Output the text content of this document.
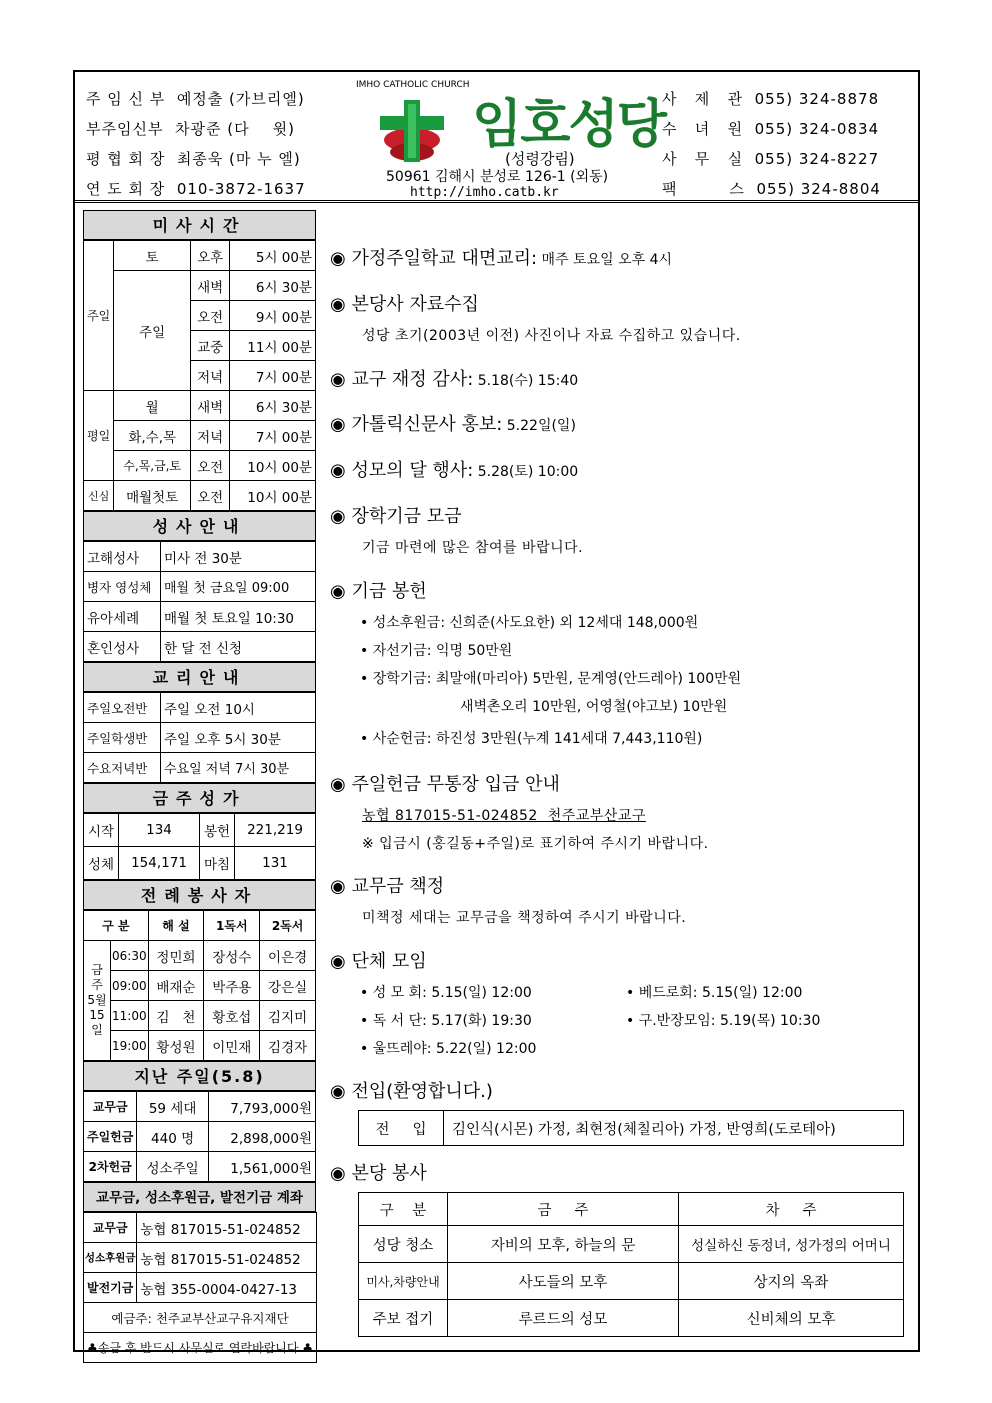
주 임 신 부 예정출 (가브리엘)
부주임신부 차광준 (다    윗)
평 협 회 장 최종욱 (마 누 엘)
연 도 회 장 010-3872-1637
IMHO CATHOLIC CHURCH
임호성당
(성령강림)
50961 김해시 분성로 126-1 (외동)
http://imho.catb.kr
사   제   관 055) 324-8878
수   녀   원 055) 324-0834
사   무   실 055) 324-8227
팩         스 055) 324-8804
미사시간
주일	토	오후	5시 00분
	주일	새벽	6시 30분
		오전	9시 00분
		교중	11시 00분
		저녁	7시 00분
평일	월	새벽	6시 30분
	화,수,목	저녁	7시 00분
	수,목,금,토	오전	10시 00분
신심	매월첫토	오전	10시 00분
성사안내
고해성사	미사 전 30분
병자 영성체	매월 첫 금요일 09:00
유아세례	매월 첫 토요일 10:30
혼인성사	한 달 전 신청
교리안내
주일오전반	주일 오전 10시
주일학생반	주일 오후 5시 30분
수요저녁반	수요일 저녁 7시 30분
금주성가
시작	134	봉헌	221,219
성체	154,171	마침	131
전례봉사자
구 분		해 설	1독서	2독서
금주 5월 15일	06:30	정민희	장성수	이은경
	09:00	배재순	박주용	강은실
	11:00	김   천	황호섭	김지미
	19:00	황성원	이민재	김경자
지난 주일(5.8)
교무금	59 세대	7,793,000원
주일헌금	440 명	2,898,000원
2차헌금	성소주일	1,561,000원
교무금, 성소후원금, 발전기금 계좌
교무금	농협 817015-51-024852
성소후원금	농협 817015-51-024852
발전기금	농협 355-0004-0427-13
예금주: 천주교부산교구유지재단	
♣송금 후 반드시 사무실로 연락바랍니다.♣	
◉ 가정주일학교 대면교리: 매주 토요일 오후 4시
◉ 본당사 자료수집
성당 초기(2003년 이전) 사진이나 자료 수집하고 있습니다.
◉ 교구 재정 감사: 5.18(수) 15:40
◉ 가톨릭신문사 홍보: 5.22일(일)
◉ 성모의 달 행사: 5.28(토) 10:00
◉ 장학기금 모금
기금 마련에 많은 참여를 바랍니다.
◉ 기금 봉헌
• 성소후원금: 신희준(사도요한) 외 12세대 148,000원
• 자선기금: 익명 50만원
• 장학기금: 최말애(마리아) 5만원, 문계영(안드레아) 100만원
새벽촌오리 10만원, 어영철(야고보) 10만원
• 사순헌금: 하진성 3만원(누계 141세대 7,443,110원)
◉ 주일헌금 무통장 입금 안내
농협 817015-51-024852  천주교부산교구
※ 입금시 (홍길동+주일)로 표기하여 주시기 바랍니다.
◉ 교무금 책정
미책정 세대는 교무금을 책정하여 주시기 바랍니다.
◉ 단체 모임
• 성 모 회: 5.15(일) 12:00	• 베드로회: 5.15(일) 12:00
• 독 서 단: 5.17(화) 19:30	• 구.반장모임: 5.19(목) 10:30
• 울뜨레야: 5.22(일) 12:00
◉ 전입(환영합니다.)
전     입	김인식(시몬) 가정, 최현정(체칠리아) 가정, 반영희(도로테아)
◉ 본당 봉사
구    분	금     주	차     주
성당 청소	자비의 모후, 하늘의 문	성실하신 동정녀, 성가정의 어머니
미사,차량안내	사도들의 모후	상지의 옥좌
주보 접기	루르드의 성모	신비체의 모후
